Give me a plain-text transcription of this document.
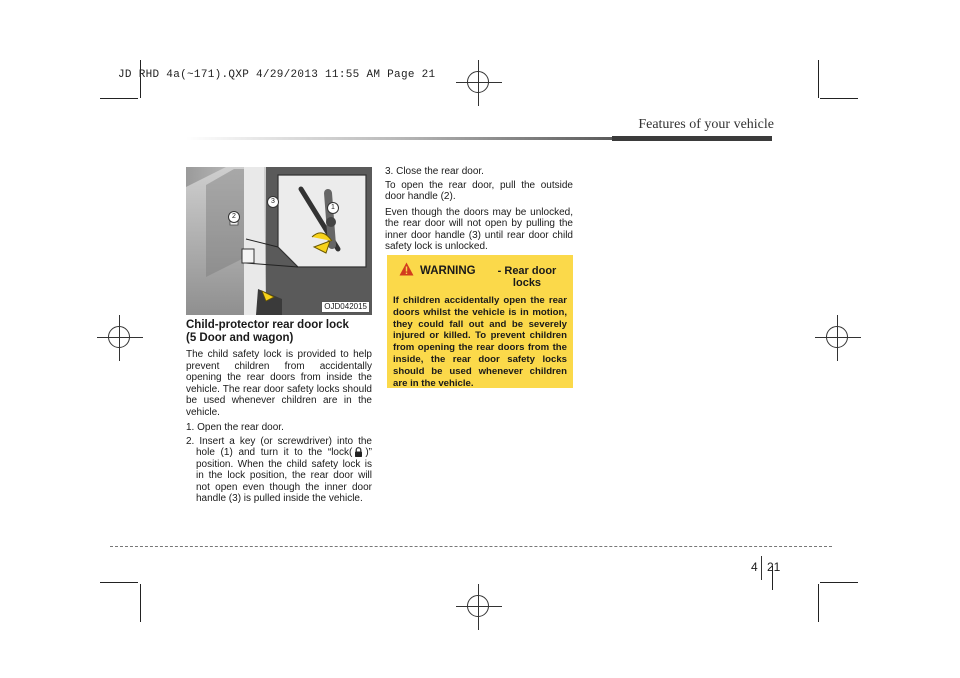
JD RHD 4a(~171).QXP 4/29/2013 11:55 AM Page 21
Features of your vehicle
2
3
1
OJD042015
Child-protector rear door lock
(5 Door and wagon)

The child safety lock is provided to help prevent children from accidentally opening the rear doors from inside the vehicle. The rear door safety locks should be used whenever children are in the vehicle.

1. Open the rear door.

2. Insert a key (or screwdriver) into the hole (1) and turn it to the “lock( )” position. When the child safety lock is in the lock position, the rear door will not open even though the inner door handle (3) is pulled inside the vehicle.

3. Close the rear door.

To open the rear door, pull the outside door handle (2).

Even though the doors may be unlocked, the rear door will not open by pulling the inner door handle (3) until rear door child safety lock is unlocked.

WARNING	- Rear door locks
If children accidentally open the rear doors whilst the vehicle is in motion, they could fall out and be severely injured or killed. To prevent children from opening the rear doors from the inside, the rear door safety locks should be used whenever children are in the vehicle.
4 21
